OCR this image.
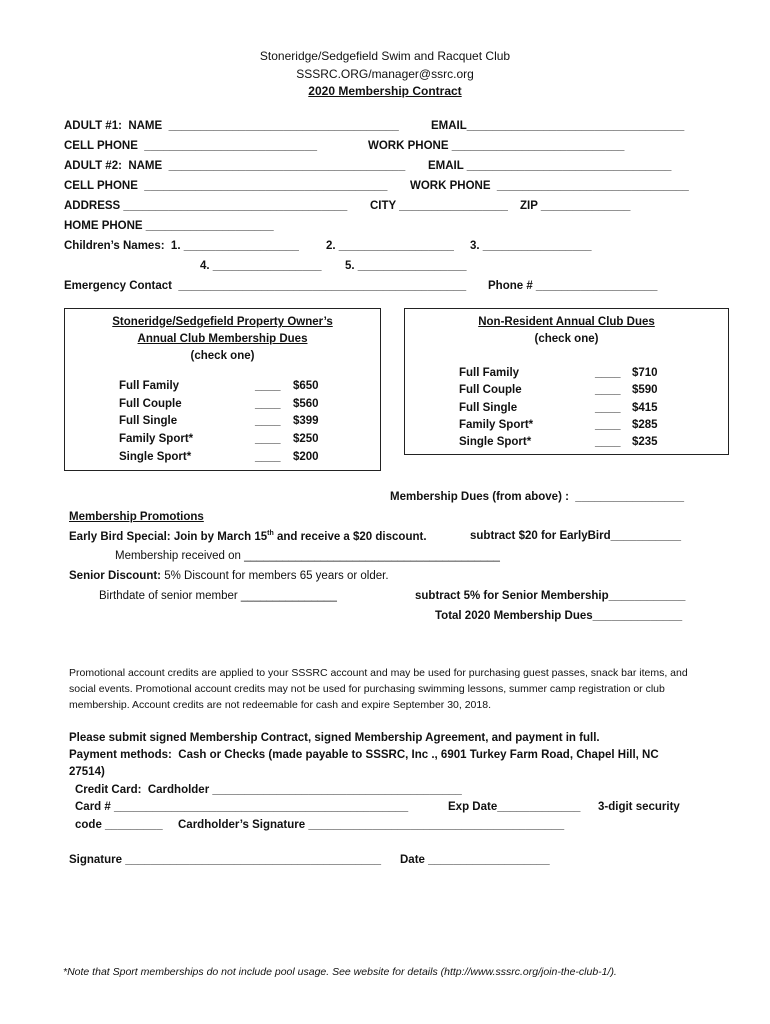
Stoneridge/Sedgefield Swim and Racquet Club
SSSRC.ORG/manager@ssrc.org
2020 Membership Contract
ADULT #1:  NAME  ____________________________________	EMAIL__________________________________
CELL PHONE  ___________________________	WORK PHONE ___________________________
ADULT #2:  NAME  _____________________________________ EMAIL ________________________________
CELL PHONE  ______________________________________ WORK PHONE  ______________________________
ADDRESS ___________________________________ CITY _________________ ZIP ______________
HOME PHONE ____________________
Children’s Names:  1. __________________ 2. __________________ 3. _________________
4. _________________ 5. _________________
Emergency Contact  _____________________________________________ Phone # ___________________
Stoneridge/Sedgefield Property Owner’s
Annual Club Membership Dues
(check one)
Full Family	____ $650
Full Couple	____ $560
Full Single	____ $399
Family Sport*	____ $250
Single Sport*	____ $200
Non-Resident Annual Club Dues
(check one)
Full Family	____ $710
Full Couple	____ $590
Full Single	____ $415
Family Sport*	____ $285
Single Sport*	____ $235
Membership Dues (from above) :  _________________
Membership Promotions
Early Bird Special: Join by March 15th and receive a $20 discount.	subtract $20 for EarlyBird___________
Membership received on ________________________________________
Senior Discount: 5% Discount for members 65 years or older.
Birthdate of senior member _______________	subtract 5% for Senior Membership____________
Total 2020 Membership Dues______________
Promotional account credits are applied to your SSSRC account and may be used for purchasing guest passes, snack bar items, and social events. Promotional account credits may not be used for purchasing swimming lessons, summer camp registration or club membership. Account credits are not redeemable for cash and expire September 30, 2018.
Please submit signed Membership Contract, signed Membership Agreement, and payment in full.
Payment methods:  Cash or Checks (made payable to SSSRC, Inc ., 6901 Turkey Farm Road, Chapel Hill, NC
27514)
Credit Card:  Cardholder _______________________________________
Card # ______________________________________________	Exp Date_____________ 3-digit security
code _________ Cardholder’s Signature ________________________________________
Signature ________________________________________ Date ___________________
*Note that Sport memberships do not include pool usage. See website for details (http://www.sssrc.org/join-the-club-1/).
